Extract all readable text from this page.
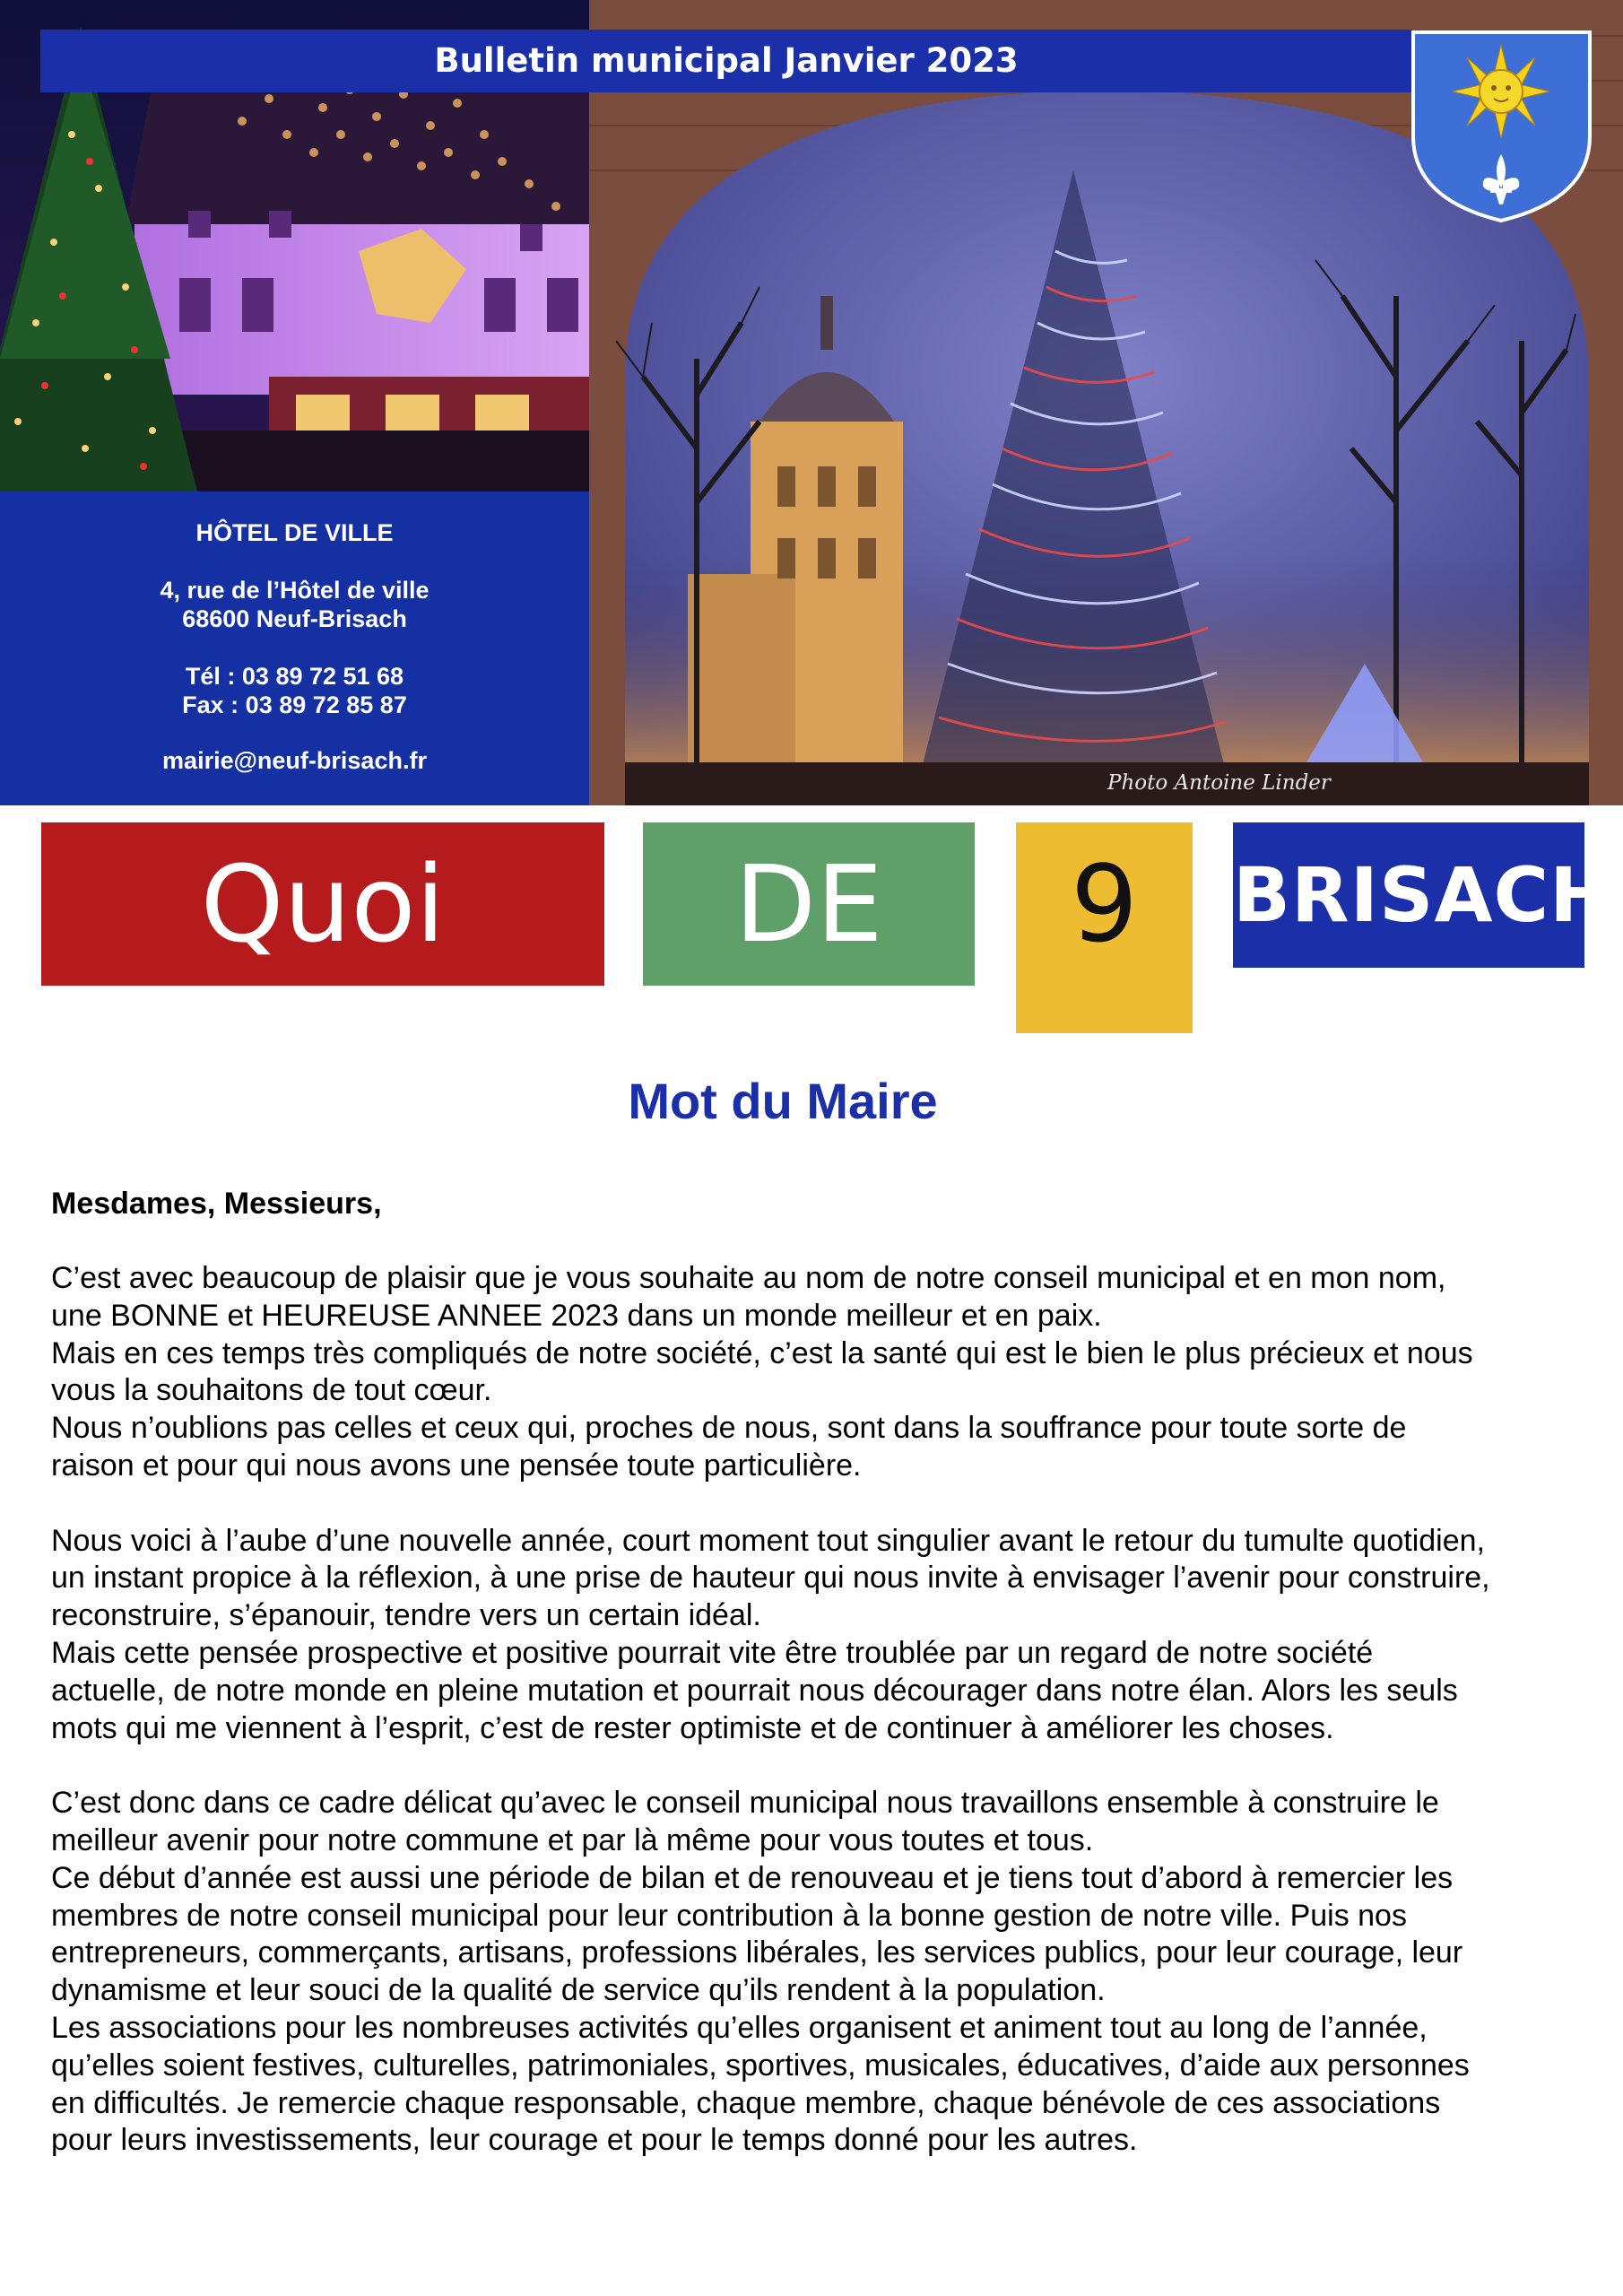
HÔTEL DE VILLE
4, rue de l’Hôtel de ville
68600 Neuf-Brisach
Tél : 03 89 72 51 68
Fax : 03 89 72 85 87
mairie@neuf-brisach.fr
Bulletin municipal Janvier 2023
Photo Antoine Linder
Quoi	DE	9	BRISACH
Mot du Maire
Mesdames, Messieurs,
C’est avec beaucoup de plaisir que je vous souhaite au nom de notre conseil municipal et en mon nom,
une BONNE et HEUREUSE ANNEE 2023 dans un monde meilleur et en paix.
Mais en ces temps très compliqués de notre société, c’est la santé qui est le bien le plus précieux et nous
vous la souhaitons de tout cœur.
Nous n’oublions pas celles et ceux qui, proches de nous, sont dans la souffrance pour toute sorte de
raison et pour qui nous avons une pensée toute particulière.
Nous voici à l’aube d’une nouvelle année, court moment tout singulier avant le retour du tumulte quotidien,
un instant propice à la réflexion, à une prise de hauteur qui nous invite à envisager l’avenir pour construire,
reconstruire, s’épanouir, tendre vers un certain idéal.
Mais cette pensée prospective et positive pourrait vite être troublée par un regard de notre société
actuelle, de notre monde en pleine mutation et pourrait nous décourager dans notre élan. Alors les seuls
mots qui me viennent à l’esprit, c’est de rester optimiste et de continuer à améliorer les choses.
C’est donc dans ce cadre délicat qu’avec le conseil municipal nous travaillons ensemble à construire le
meilleur avenir pour notre commune et par là même pour vous toutes et tous.
Ce début d’année est aussi une période de bilan et de renouveau et je tiens tout d’abord à remercier les
membres de notre conseil municipal pour leur contribution à la bonne gestion de notre ville. Puis nos
entrepreneurs, commerçants, artisans, professions libérales, les services publics, pour leur courage, leur
dynamisme et leur souci de la qualité de service qu’ils rendent à la population.
Les associations pour les nombreuses activités qu’elles organisent et animent tout au long de l’année,
qu’elles soient festives, culturelles, patrimoniales, sportives, musicales, éducatives, d’aide aux personnes
en difficultés. Je remercie chaque responsable, chaque membre, chaque bénévole de ces associations
pour leurs investissements, leur courage et pour le temps donné pour les autres.
